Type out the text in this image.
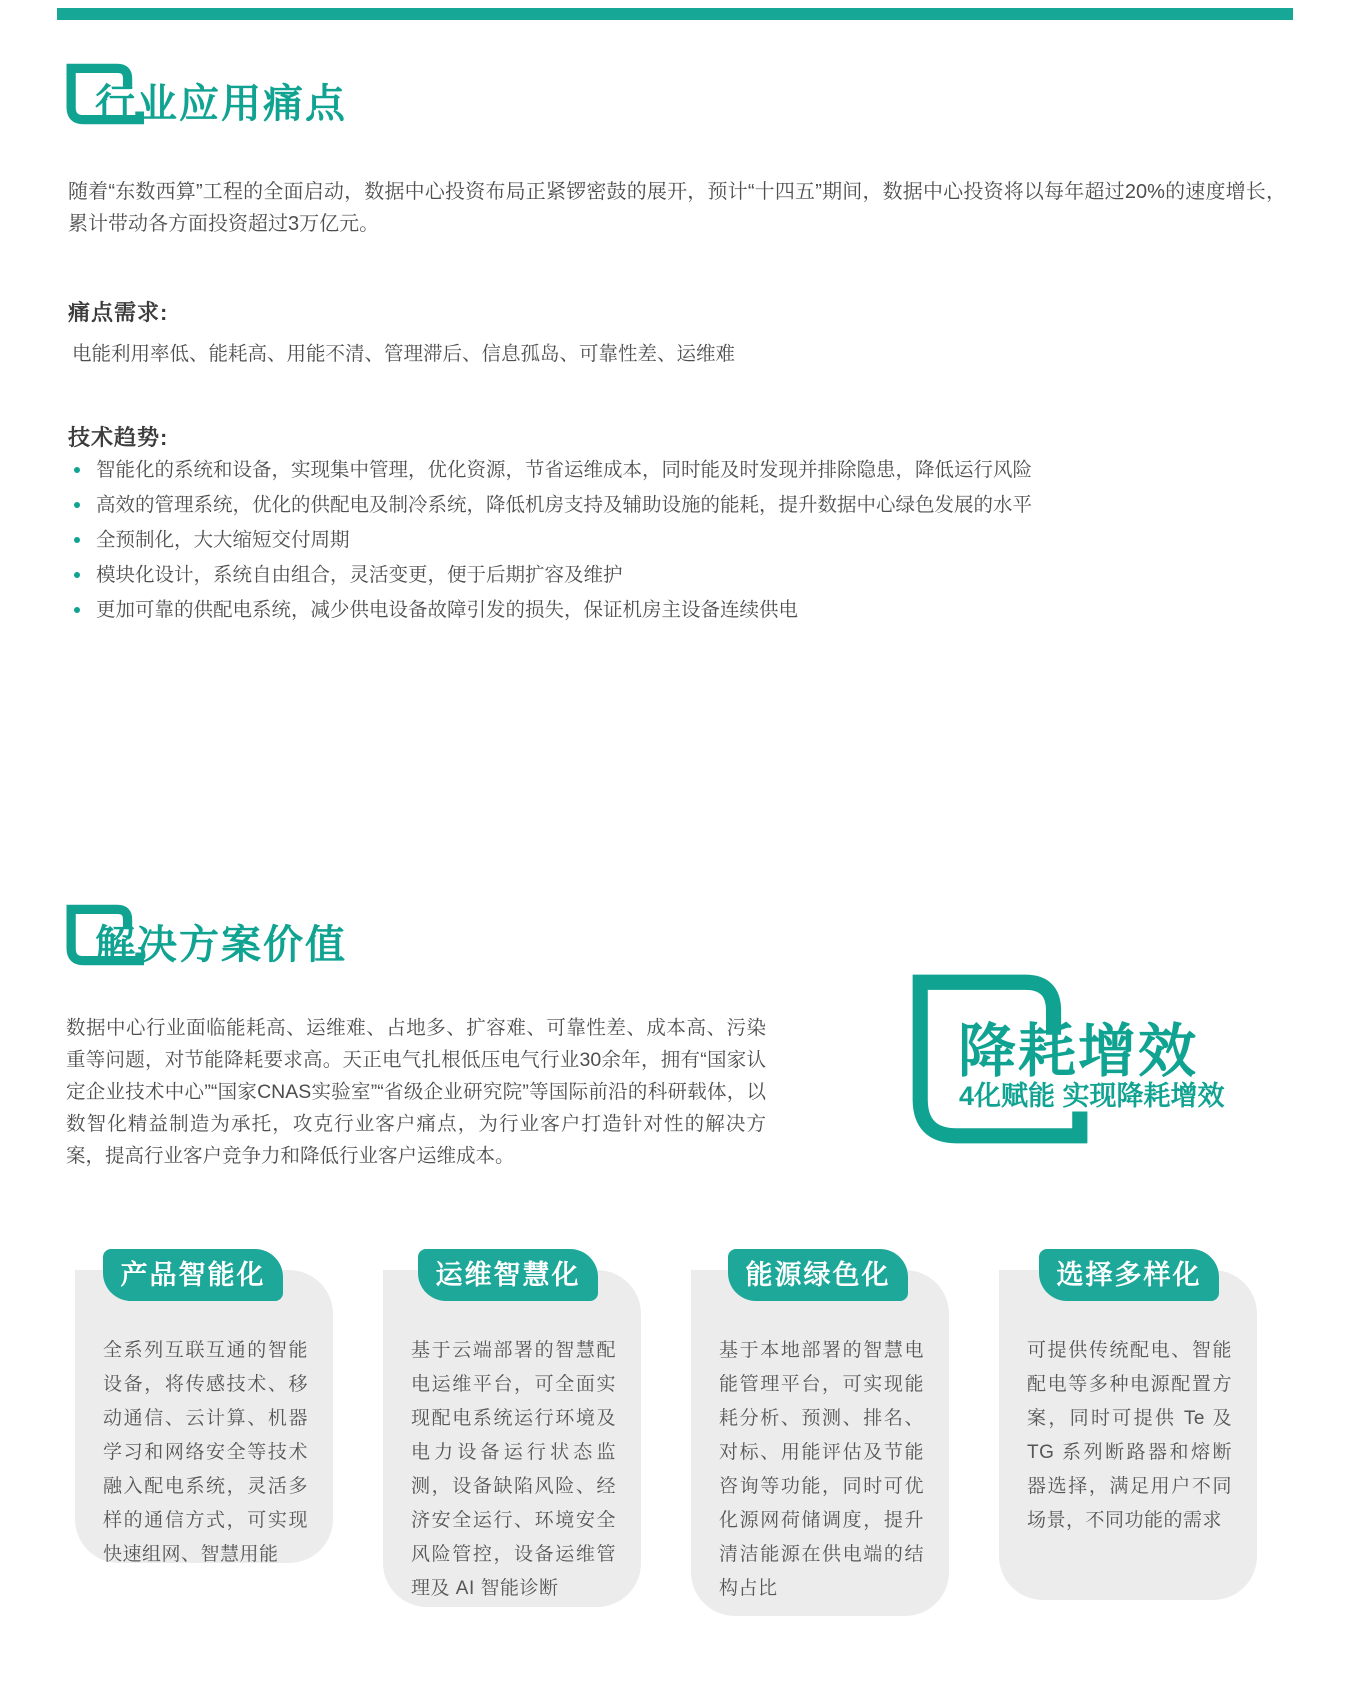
行业应用痛点
随着“东数西算”工程的全面启动，数据中心投资布局正紧锣密鼓的展开，预计“十四五”期间，数据中心投资将以每年超过20%的速度增长，累计带动各方面投资超过3万亿元。
痛点需求:
电能利用率低、能耗高、用能不清、管理滞后、信息孤岛、可靠性差、运维难
技术趋势:
智能化的系统和设备，实现集中管理，优化资源，节省运维成本，同时能及时发现并排除隐患，降低运行风险
高效的管理系统，优化的供配电及制冷系统，降低机房支持及辅助设施的能耗，提升数据中心绿色发展的水平
全预制化，大大缩短交付周期
模块化设计，系统自由组合，灵活变更，便于后期扩容及维护
更加可靠的供配电系统，减少供电设备故障引发的损失，保证机房主设备连续供电
解决方案价值
数据中心行业面临能耗高、运维难、占地多、扩容难、可靠性差、成本高、污染重等问题，对节能降耗要求高。天正电气扎根低压电气行业30余年，拥有“国家认定企业技术中心”“国家CNAS实验室”“省级企业研究院”等国际前沿的科研载体，以数智化精益制造为承托，攻克行业客户痛点，为行业客户打造针对性的解决方案，提高行业客户竞争力和降低行业客户运维成本。
降耗增效
4化赋能 实现降耗增效
全系列互联互通的智能设备，将传感技术、移动通信、云计算、机器学习和网络安全等技术融入配电系统，灵活多样的通信方式，可实现快速组网、智慧用能
产品智能化
基于云端部署的智慧配电运维平台，可全面实现配电系统运行环境及电力设备运行状态监测，设备缺陷风险、经济安全运行、环境安全风险管控，设备运维管理及 AI 智能诊断
运维智慧化
基于本地部署的智慧电能管理平台，可实现能耗分析、预测、排名、对标、用能评估及节能咨询等功能，同时可优化源网荷储调度，提升清洁能源在供电端的结构占比
能源绿色化
可提供传统配电、智能配电等多种电源配置方案，同时可提供 Te 及 TG 系列断路器和熔断器选择，满足用户不同场景，不同功能的需求
选择多样化
